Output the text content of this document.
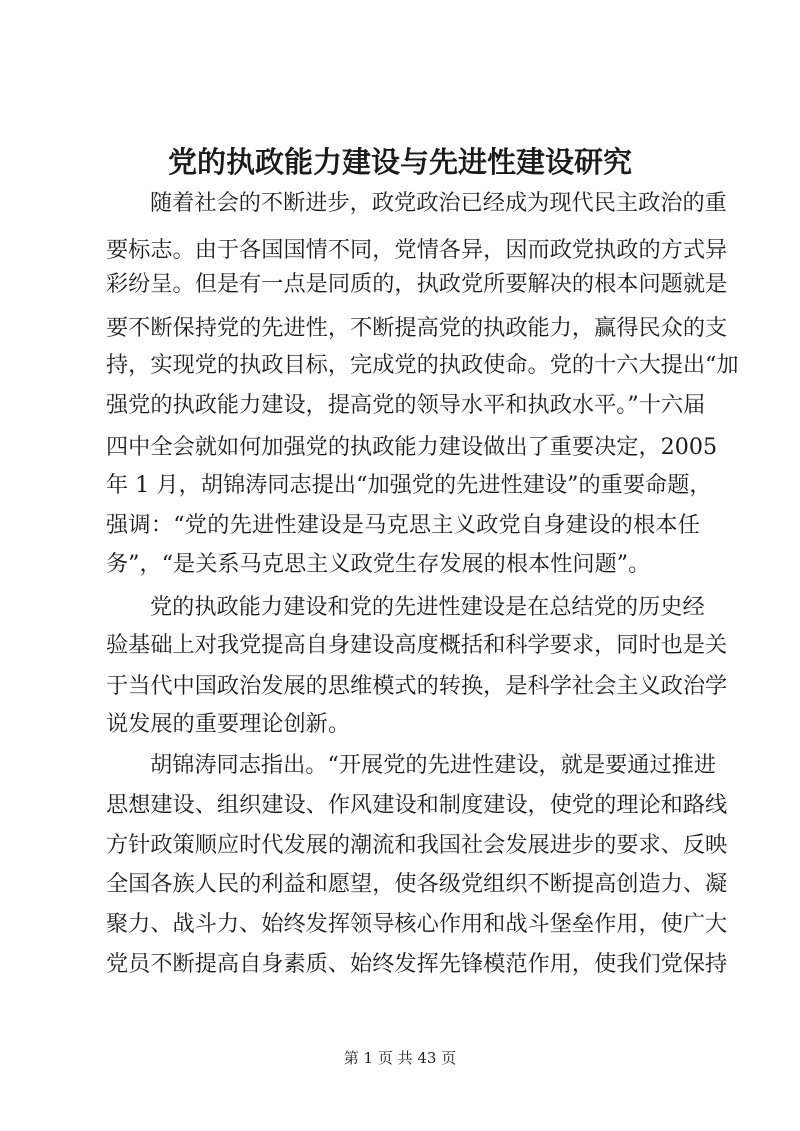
党的执政能力建设与先进性建设研究
随着社会的不断进步，政党政治已经成为现代民主政治的重
要标志。由于各国国情不同，党情各异，因而政党执政的方式异
彩纷呈。但是有一点是同质的，执政党所要解决的根本问题就是
要不断保持党的先进性，不断提高党的执政能力，赢得民众的支
持，实现党的执政目标，完成党的执政使命。党的十六大提出“加
强党的执政能力建设，提高党的领导水平和执政水平。”十六届
四中全会就如何加强党的执政能力建设做出了重要决定，2005
年 1 月，胡锦涛同志提出“加强党的先进性建设”的重要命题，
强调：“党的先进性建设是马克思主义政党自身建设的根本任
务”，“是关系马克思主义政党生存发展的根本性问题”。
党的执政能力建设和党的先进性建设是在总结党的历史经
验基础上对我党提高自身建设高度概括和科学要求，同时也是关
于当代中国政治发展的思维模式的转换，是科学社会主义政治学
说发展的重要理论创新。
胡锦涛同志指出。“开展党的先进性建设，就是要通过推进
思想建设、组织建设、作风建设和制度建设，使党的理论和路线
方针政策顺应时代发展的潮流和我国社会发展进步的要求、反映
全国各族人民的利益和愿望，使各级党组织不断提高创造力、凝
聚力、战斗力、始终发挥领导核心作用和战斗堡垒作用，使广大
党员不断提高自身素质、始终发挥先锋模范作用，使我们党保持
第 1 页 共 43 页
